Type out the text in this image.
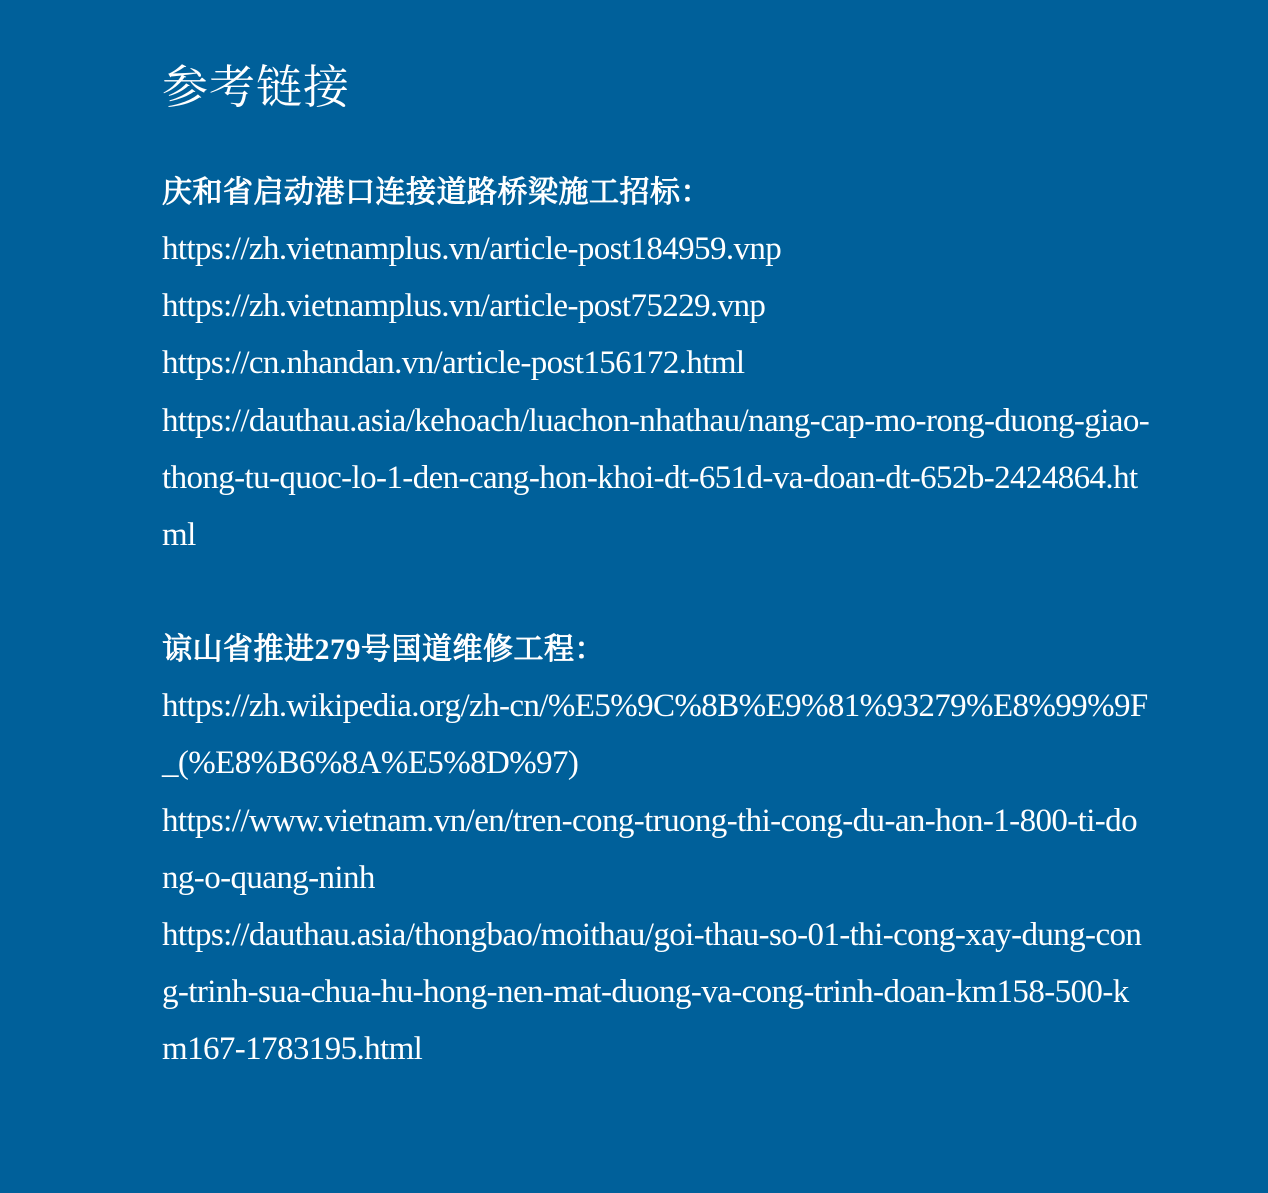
参考链接
庆和省启动港口连接道路桥梁施工招标：
https://zh.vietnamplus.vn/article-post184959.vnp
https://zh.vietnamplus.vn/article-post75229.vnp
https://cn.nhandan.vn/article-post156172.html
https://dauthau.asia/kehoach/luachon-nhathau/nang-cap-mo-rong-duong-giao-thong-tu-quoc-lo-1-den-cang-hon-khoi-dt-651d-va-doan-dt-652b-2424864.html
谅山省推进279号国道维修工程：
https://zh.wikipedia.org/zh-cn/%E5%9C%8B%E9%81%93279%E8%99%9F_(%E8%B6%8A%E5%8D%97)
https://www.vietnam.vn/en/tren-cong-truong-thi-cong-du-an-hon-1-800-ti-dong-o-quang-ninh
https://dauthau.asia/thongbao/moithau/goi-thau-so-01-thi-cong-xay-dung-cong-trinh-sua-chua-hu-hong-nen-mat-duong-va-cong-trinh-doan-km158-500-km167-1783195.html
